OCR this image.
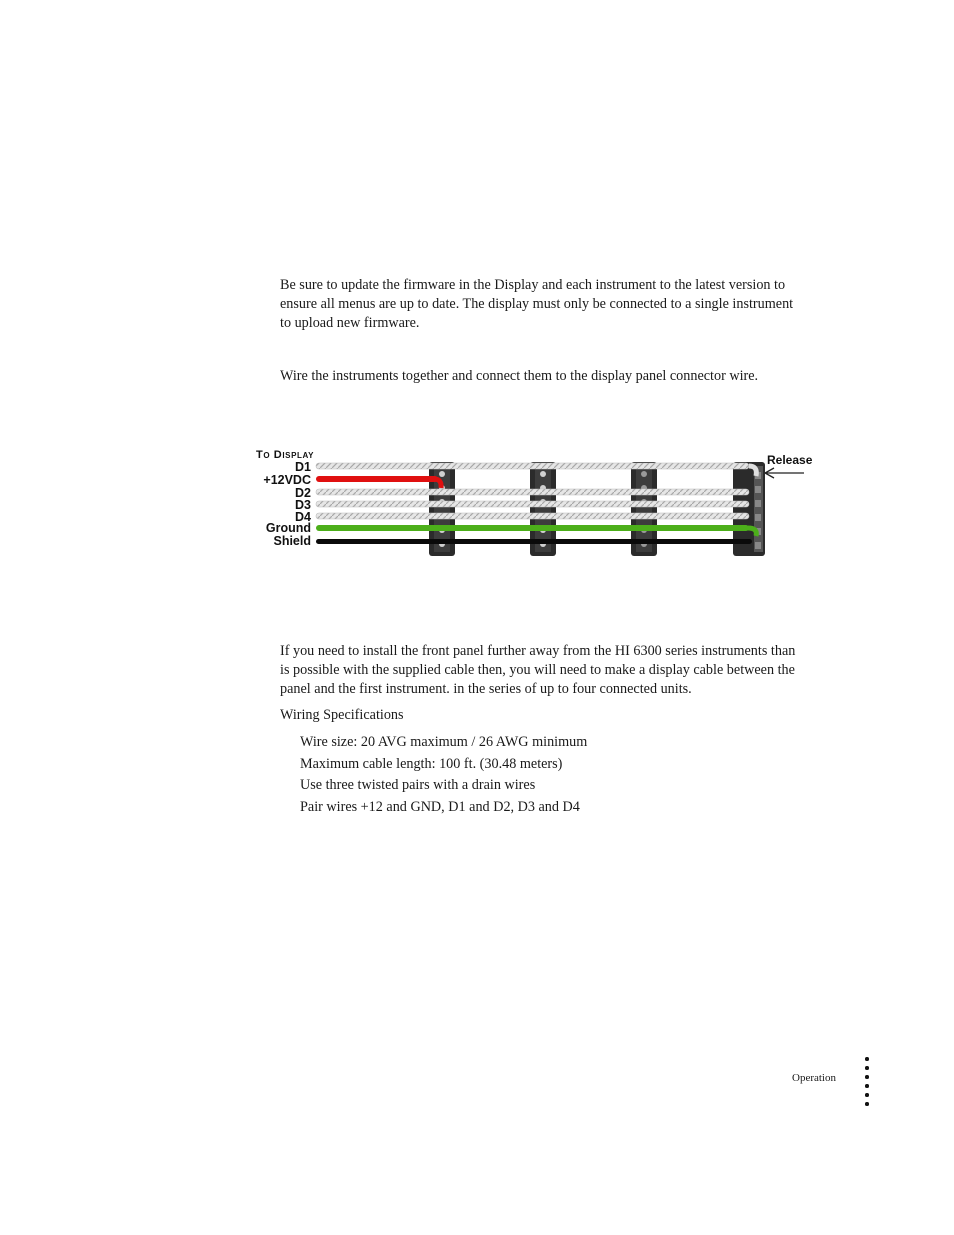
Be sure to update the firmware in the Display and each instrument to the latest version to
ensure all menus are up to date. The display must only be connected to a single instrument
to upload new firmware.

Wire the instruments together and connect them to the display panel connector wire.

To Display
D1
+12VDC
D2
D3
D4
Ground
Shield
Release

If you need to install the front panel further away from the HI 6300 series instruments than
is possible with the supplied cable then, you will need to make a display cable between the
panel and the first instrument. in the series of up to four connected units.

Wiring Specifications

Wire size: 20 AVG maximum / 26 AWG minimum
Maximum cable length: 100 ft. (30.48 meters)
Use three twisted pairs with a drain wires
Pair wires +12 and GND, D1 and D2, D3 and D4
Operation
